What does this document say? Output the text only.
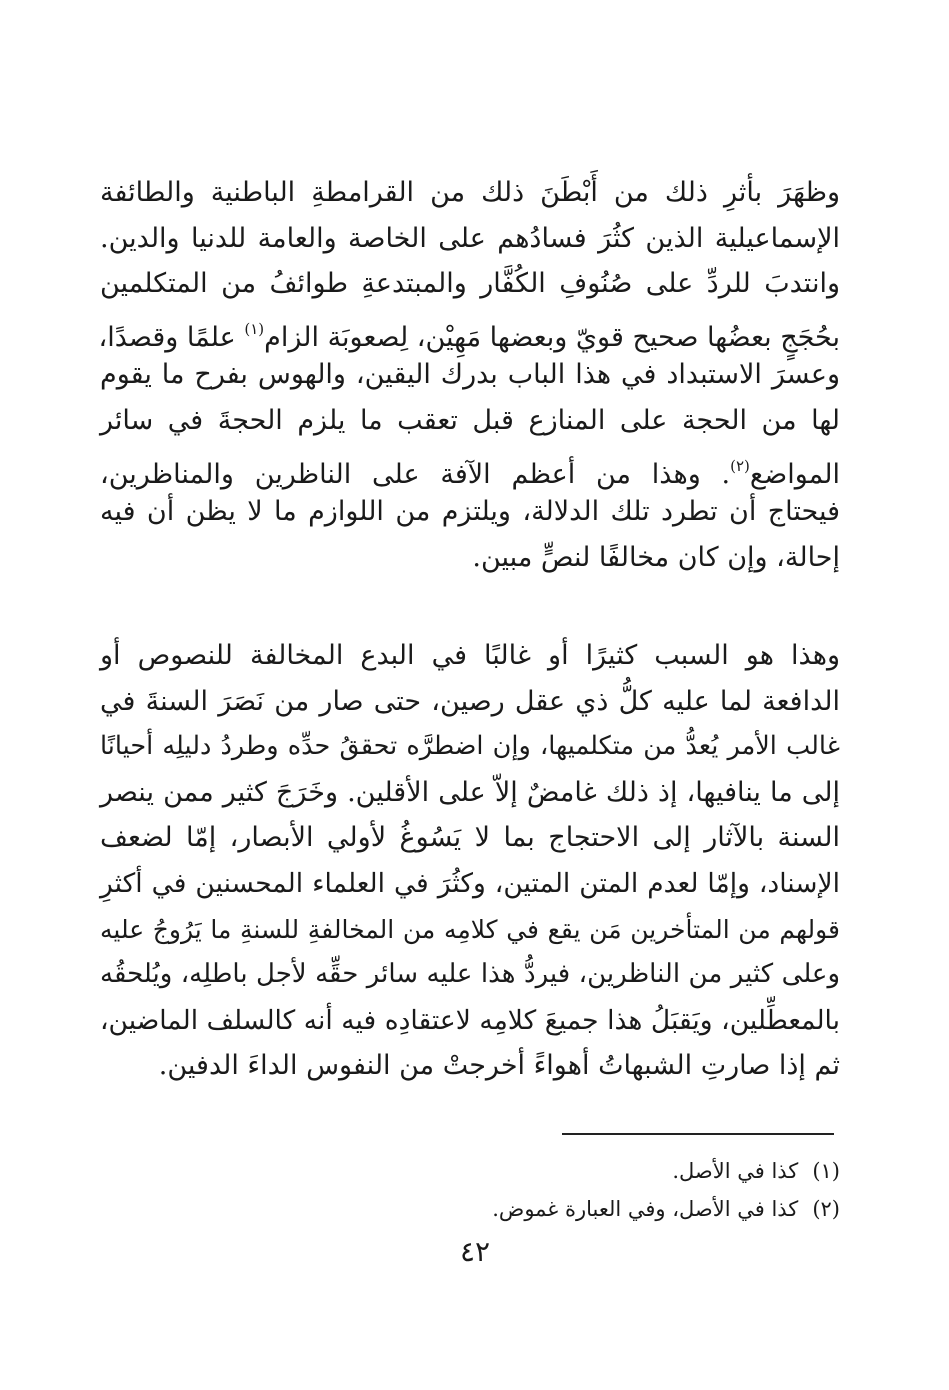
وظهَرَ بأثرِ ذلك من أَبْطَنَ ذلك من القرامطةِ الباطنية والطائفة
الإسماعيلية الذين كثُرَ فسادُهم على الخاصة والعامة للدنيا والدين.
وانتدبَ للردِّ على صُنُوفِ الكُفَّار والمبتدعةِ طوائفُ من المتكلمين
بحُجَجٍ بعضُها صحيح قويّ وبعضها مَهِيْن، لِصعوبَة الزام$^{(١)}$ علمًا وقصدًا،
وعسرَ الاستبداد في هذا الباب بدرك اليقين، والهوس بفرح ما يقوم
لها من الحجة على المنازع قبل تعقب ما يلزم الحجةَ في سائر
المواضع$^{(٢)}$. وهذا من أعظم الآفة على الناظرين والمناظرين،
فيحتاج أن تطرد تلك الدلالة، ويلتزم من اللوازم ما لا يظن أن فيه
إحالة، وإن كان مخالفًا لنصٍّ مبين.
وهذا هو السبب كثيرًا أو غالبًا في البدع المخالفة للنصوص أو
الدافعة لما عليه كلُّ ذي عقل رصين، حتى صار من نَصَرَ السنةَ في
غالب الأمر يُعدُّ من متكلميها، وإن اضطرَّه تحققُ حدِّه وطردُ دليلِه أحيانًا
إلى ما ينافيها، إذ ذلك غامضٌ إلاّ على الأقلين. وخَرَجَ كثير ممن ينصر
السنة بالآثار إلى الاحتجاج بما لا يَسُوغُ لأولي الأبصار، إمّا لضعف
الإسناد، وإمّا لعدم المتن المتين، وكثُرَ في العلماء المحسنين في أكثرِ
قولهم من المتأخرين مَن يقع في كلامِه من المخالفةِ للسنةِ ما يَرُوجُ عليه
وعلى كثير من الناظرين، فيردُّ هذا عليه سائر حقِّه لأجل باطلِه، ويُلحقُه
بالمعطِّلين، ويَقبَلُ هذا جميعَ كلامِه لاعتقادِه فيه أنه كالسلف الماضين،
ثم إذا صارتِ الشبهاتُ أهواءً أخرجتْ من النفوس الداءَ الدفين.
(١)كذا في الأصل.
(٢)كذا في الأصل، وفي العبارة غموض.
٤٢
